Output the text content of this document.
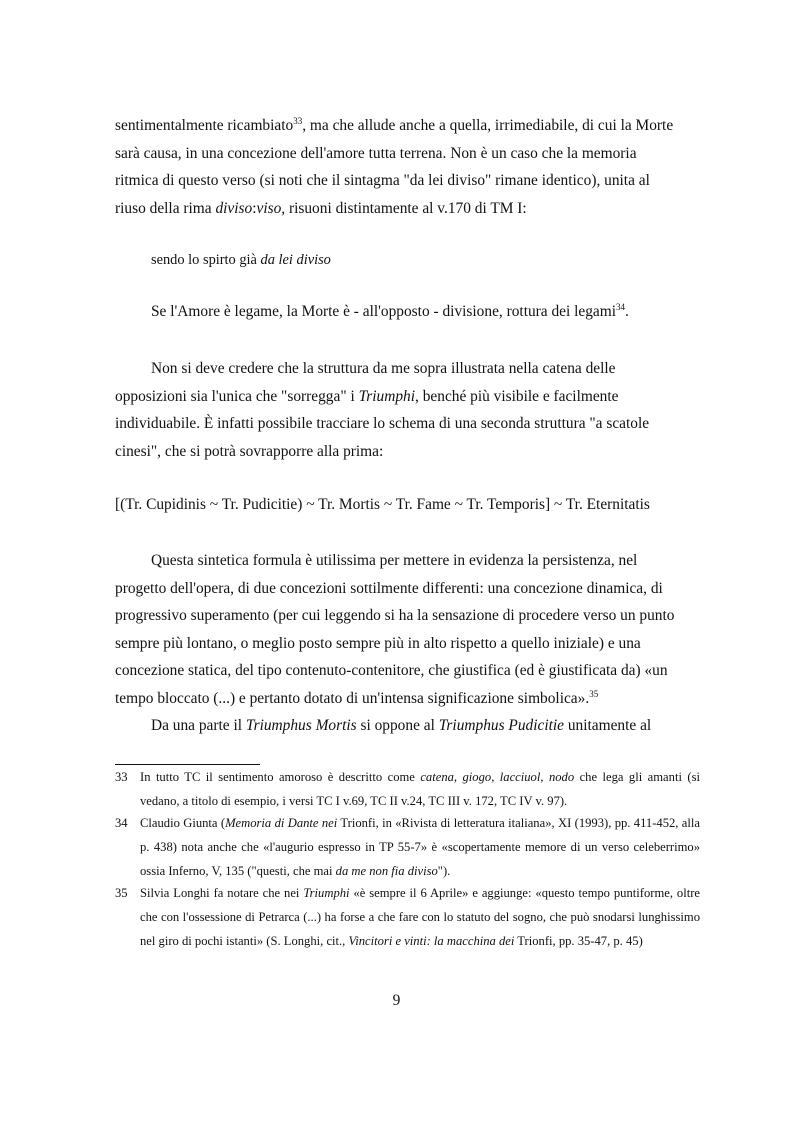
sentimentalmente ricambiato$^{33}$, ma che allude anche a quella, irrimediabile, di cui la Morte
sarà causa, in una concezione dell'amore tutta terrena. Non è un caso che la memoria
ritmica di questo verso (si noti che il sintagma "da lei diviso" rimane identico), unita al
riuso della rima diviso:viso, risuoni distintamente al v.170 di TM I:
sendo lo spirto già da lei diviso
Se l'Amore è legame, la Morte è - all'opposto - divisione, rottura dei legami$^{34}$.
Non si deve credere che la struttura da me sopra illustrata nella catena delle
opposizioni sia l'unica che "sorregga" i Triumphi, benché più visibile e facilmente
individuabile. È infatti possibile tracciare lo schema di una seconda struttura "a scatole
cinesi", che si potrà sovrapporre alla prima:
[(Tr. Cupidinis ~ Tr. Pudicitie) ~ Tr. Mortis ~ Tr. Fame ~ Tr. Temporis] ~ Tr. Eternitatis
Questa sintetica formula è utilissima per mettere in evidenza la persistenza, nel
progetto dell'opera, di due concezioni sottilmente differenti: una concezione dinamica, di
progressivo superamento (per cui leggendo si ha la sensazione di procedere verso un punto
sempre più lontano, o meglio posto sempre più in alto rispetto a quello iniziale) e una
concezione statica, del tipo contenuto-contenitore, che giustifica (ed è giustificata da) «un
tempo bloccato (...) e pertanto dotato di un'intensa significazione simbolica».$^{35}$
Da una parte il Triumphus Mortis si oppone al Triumphus Pudicitie unitamente al
33 In tutto TC il sentimento amoroso è descritto come catena, giogo, lacciuol, nodo che lega gli amanti (si vedano, a titolo di esempio, i versi TC I v.69, TC II v.24, TC III v. 172, TC IV v. 97).
34 Claudio Giunta (Memoria di Dante nei Trionfi, in «Rivista di letteratura italiana», XI (1993), pp. 411-452, alla p. 438) nota anche che «l'augurio espresso in TP 55-7» è «scopertamente memore di un verso celeberrimo» ossia Inferno, V, 135 ("questi, che mai da me non fia diviso").
35 Silvia Longhi fa notare che nei Triumphi «è sempre il 6 Aprile» e aggiunge: «questo tempo puntiforme, oltre che con l'ossessione di Petrarca (...) ha forse a che fare con lo statuto del sogno, che può snodarsi lunghissimo nel giro di pochi istanti» (S. Longhi, cit., Vincitori e vinti: la macchina dei Trionfi, pp. 35-47, p. 45)
9
